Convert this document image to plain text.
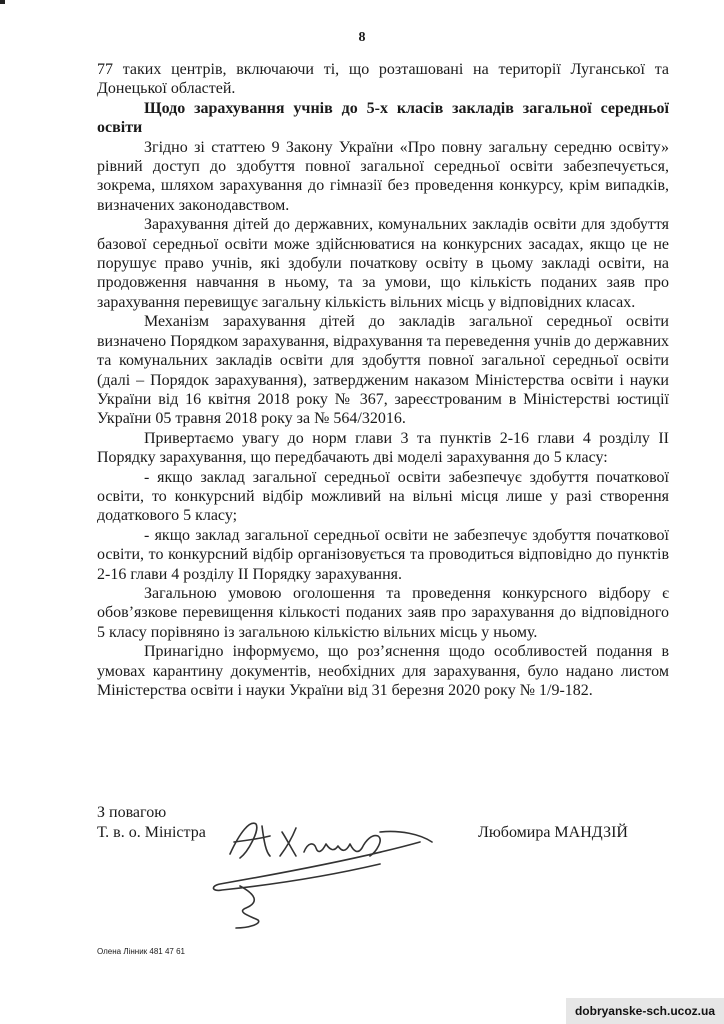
8

77 таких центрів, включаючи ті, що розташовані на території Луганської та Донецької областей.

Щодо зарахування учнів до 5-х класів закладів загальної середньої освіти

Згідно зі статтею 9 Закону України «Про повну загальну середню освіту» рівний доступ до здобуття повної загальної середньої освіти забезпечується, зокрема, шляхом зарахування до гімназії без проведення конкурсу, крім випадків, визначених законодавством.

Зарахування дітей до державних, комунальних закладів освіти для здобуття базової середньої освіти може здійснюватися на конкурсних засадах, якщо це не порушує право учнів, які здобули початкову освіту в цьому закладі освіти, на продовження навчання в ньому, та за умови, що кількість поданих заяв про зарахування перевищує загальну кількість вільних місць у відповідних класах.

Механізм зарахування дітей до закладів загальної середньої освіти визначено Порядком зарахування, відрахування та переведення учнів до державних та комунальних закладів освіти для здобуття повної загальної середньої освіти (далі – Порядок зарахування), затвердженим наказом Міністерства освіти і науки України від 16 квітня 2018 року № 367, зареєстрованим в Міністерстві юстиції України 05 травня 2018 року за № 564/32016.

Привертаємо увагу до норм глави 3 та пунктів 2-16 глави 4 розділу II Порядку зарахування, що передбачають дві моделі зарахування до 5 класу:

- якщо заклад загальної середньої освіти забезпечує здобуття початкової освіти, то конкурсний відбір можливий на вільні місця лише у разі створення додаткового 5 класу;

- якщо заклад загальної середньої освіти не забезпечує здобуття початкової освіти, то конкурсний відбір організовується та проводиться відповідно до пунктів 2-16 глави 4 розділу II Порядку зарахування.

Загальною умовою оголошення та проведення конкурсного відбору є обов’язкове перевищення кількості поданих заяв про зарахування до відповідного 5 класу порівняно із загальною кількістю вільних місць у ньому.

Принагідно інформуємо, що роз’яснення щодо особливостей подання в умовах карантину документів, необхідних для зарахування, було надано листом Міністерства освіти і науки України від 31 березня 2020 року № 1/9-182.

З повагою
Т. в. о. Міністра	Любомира МАНДЗІЙ
Олена Лінник 481 47 61
dobryanske-sch.ucoz.ua
